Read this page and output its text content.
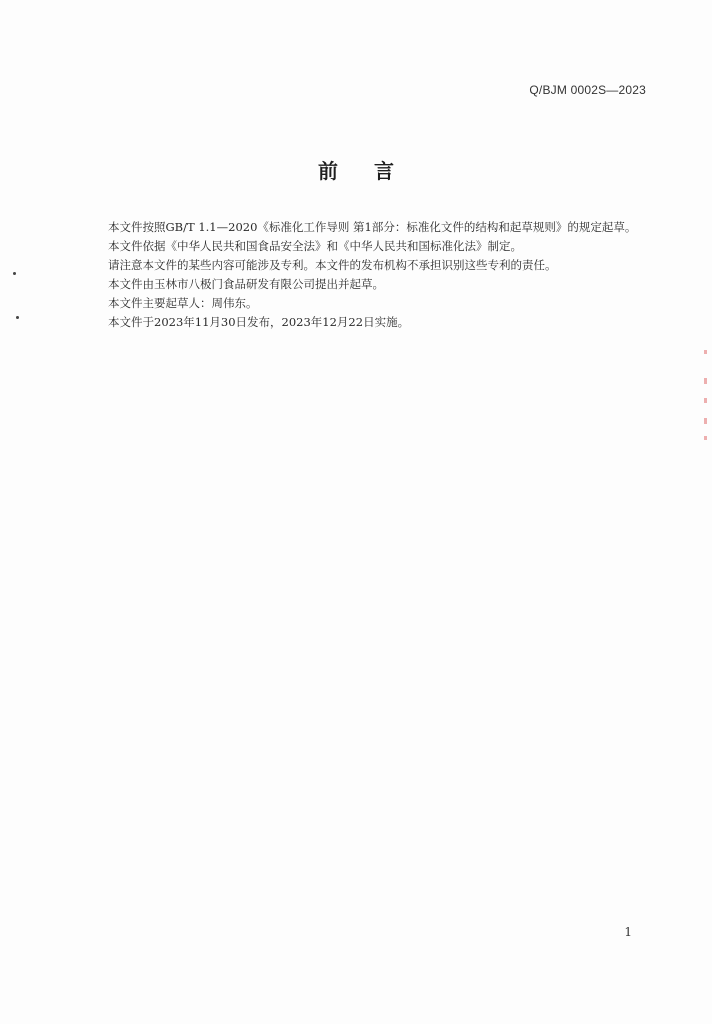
Q/BJM 0002S—2023
前言

本文件按照GB/T 1.1—2020《标准化工作导则 第1部分：标准化文件的结构和起草规则》的规定起草。

本文件依据《中华人民共和国食品安全法》和《中华人民共和国标准化法》制定。

请注意本文件的某些内容可能涉及专利。本文件的发布机构不承担识别这些专利的责任。

本文件由玉林市八极门食品研发有限公司提出并起草。

本文件主要起草人：周伟东。

本文件于2023年11月30日发布，2023年12月22日实施。

1
